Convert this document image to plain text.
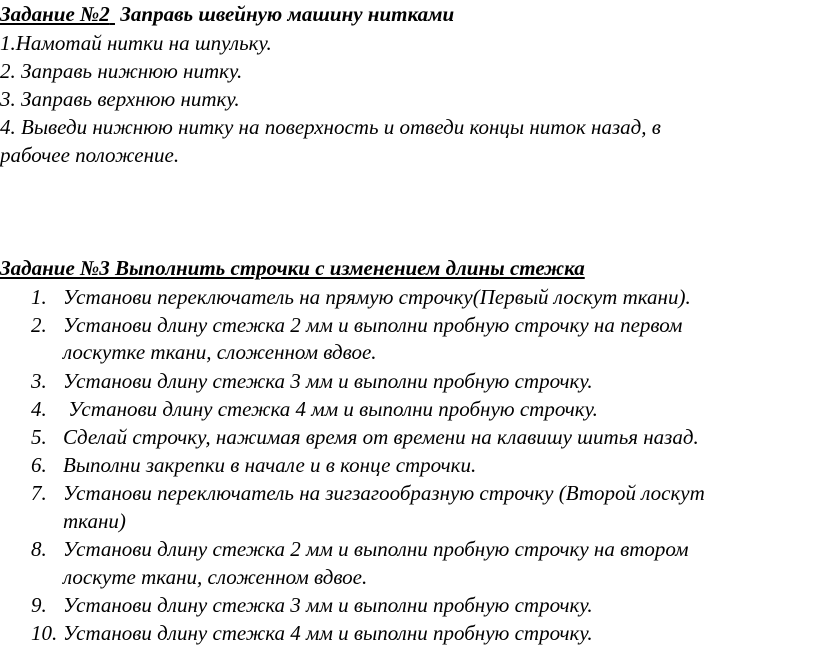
Задание №2 Заправь швейную машину нитками
1.Намотай нитки на шпульку.
2. Заправь нижнюю нитку.
3. Заправь верхнюю нитку.
4. Выведи нижнюю нитку на поверхность и отведи концы ниток назад, в
рабочее положение.
Задание №3 Выполнить строчки с изменением длины стежка
1. Установи переключатель на прямую строчку(Первый лоскут ткани).
2. Установи длину стежка 2 мм и выполни пробную строчку на первом
лоскутке ткани, сложенном вдвое.
3. Установи длину стежка 3 мм и выполни пробную строчку.
4. Установи длину стежка 4 мм и выполни пробную строчку.
5. Сделай строчку, нажимая время от времени на клавишу шитья назад.
6. Выполни закрепки в начале и в конце строчки.
7. Установи переключатель на зигзагообразную строчку (Второй лоскут
ткани)
8. Установи длину стежка 2 мм и выполни пробную строчку на втором
лоскуте ткани, сложенном вдвое.
9. Установи длину стежка 3 мм и выполни пробную строчку.
10. Установи длину стежка 4 мм и выполни пробную строчку.
